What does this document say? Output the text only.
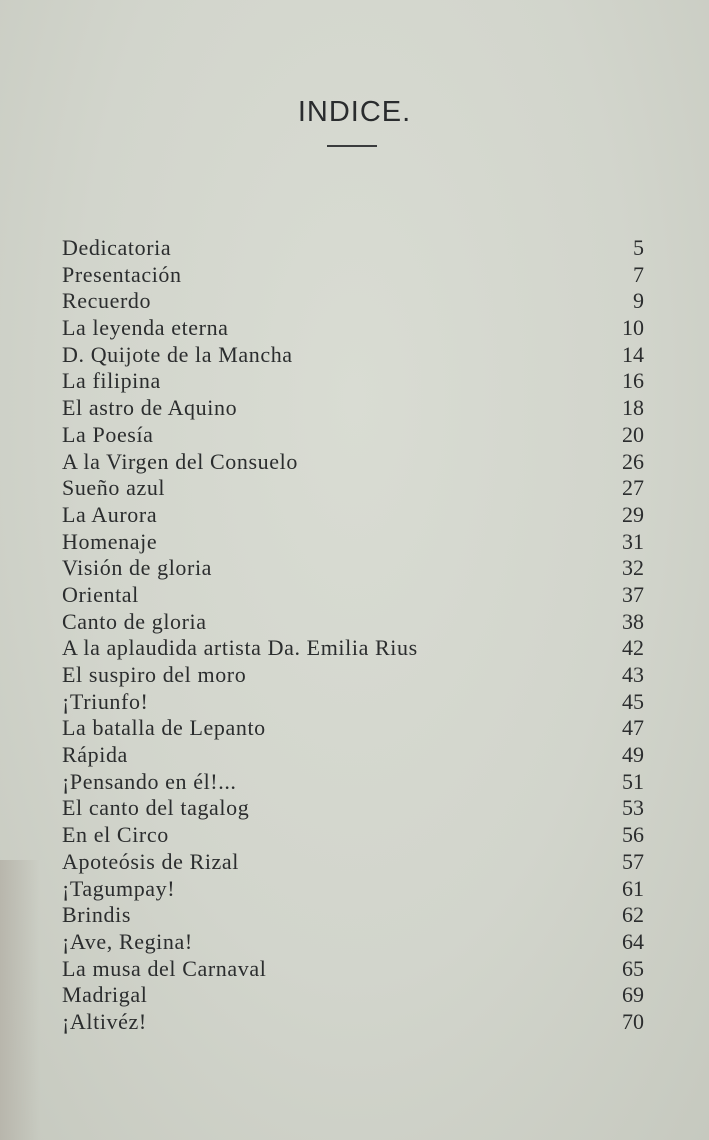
INDICE.
Dedicatoria	5
Presentación	7
Recuerdo	9
La leyenda eterna	10
D. Quijote de la Mancha	14
La filipina	16
El astro de Aquino	18
La Poesía	20
A la Virgen del Consuelo	26
Sueño azul	27
La Aurora	29
Homenaje	31
Visión de gloria	32
Oriental	37
Canto de gloria	38
A la aplaudida artista Da. Emilia Rius	42
El suspiro del moro	43
¡Triunfo!	45
La batalla de Lepanto	47
Rápida	49
¡Pensando en él!...	51
El canto del tagalog	53
En el Circo	56
Apoteósis de Rizal	57
¡Tagumpay!	61
Brindis	62
¡Ave, Regina!	64
La musa del Carnaval	65
Madrigal	69
¡Altivéz!	70
